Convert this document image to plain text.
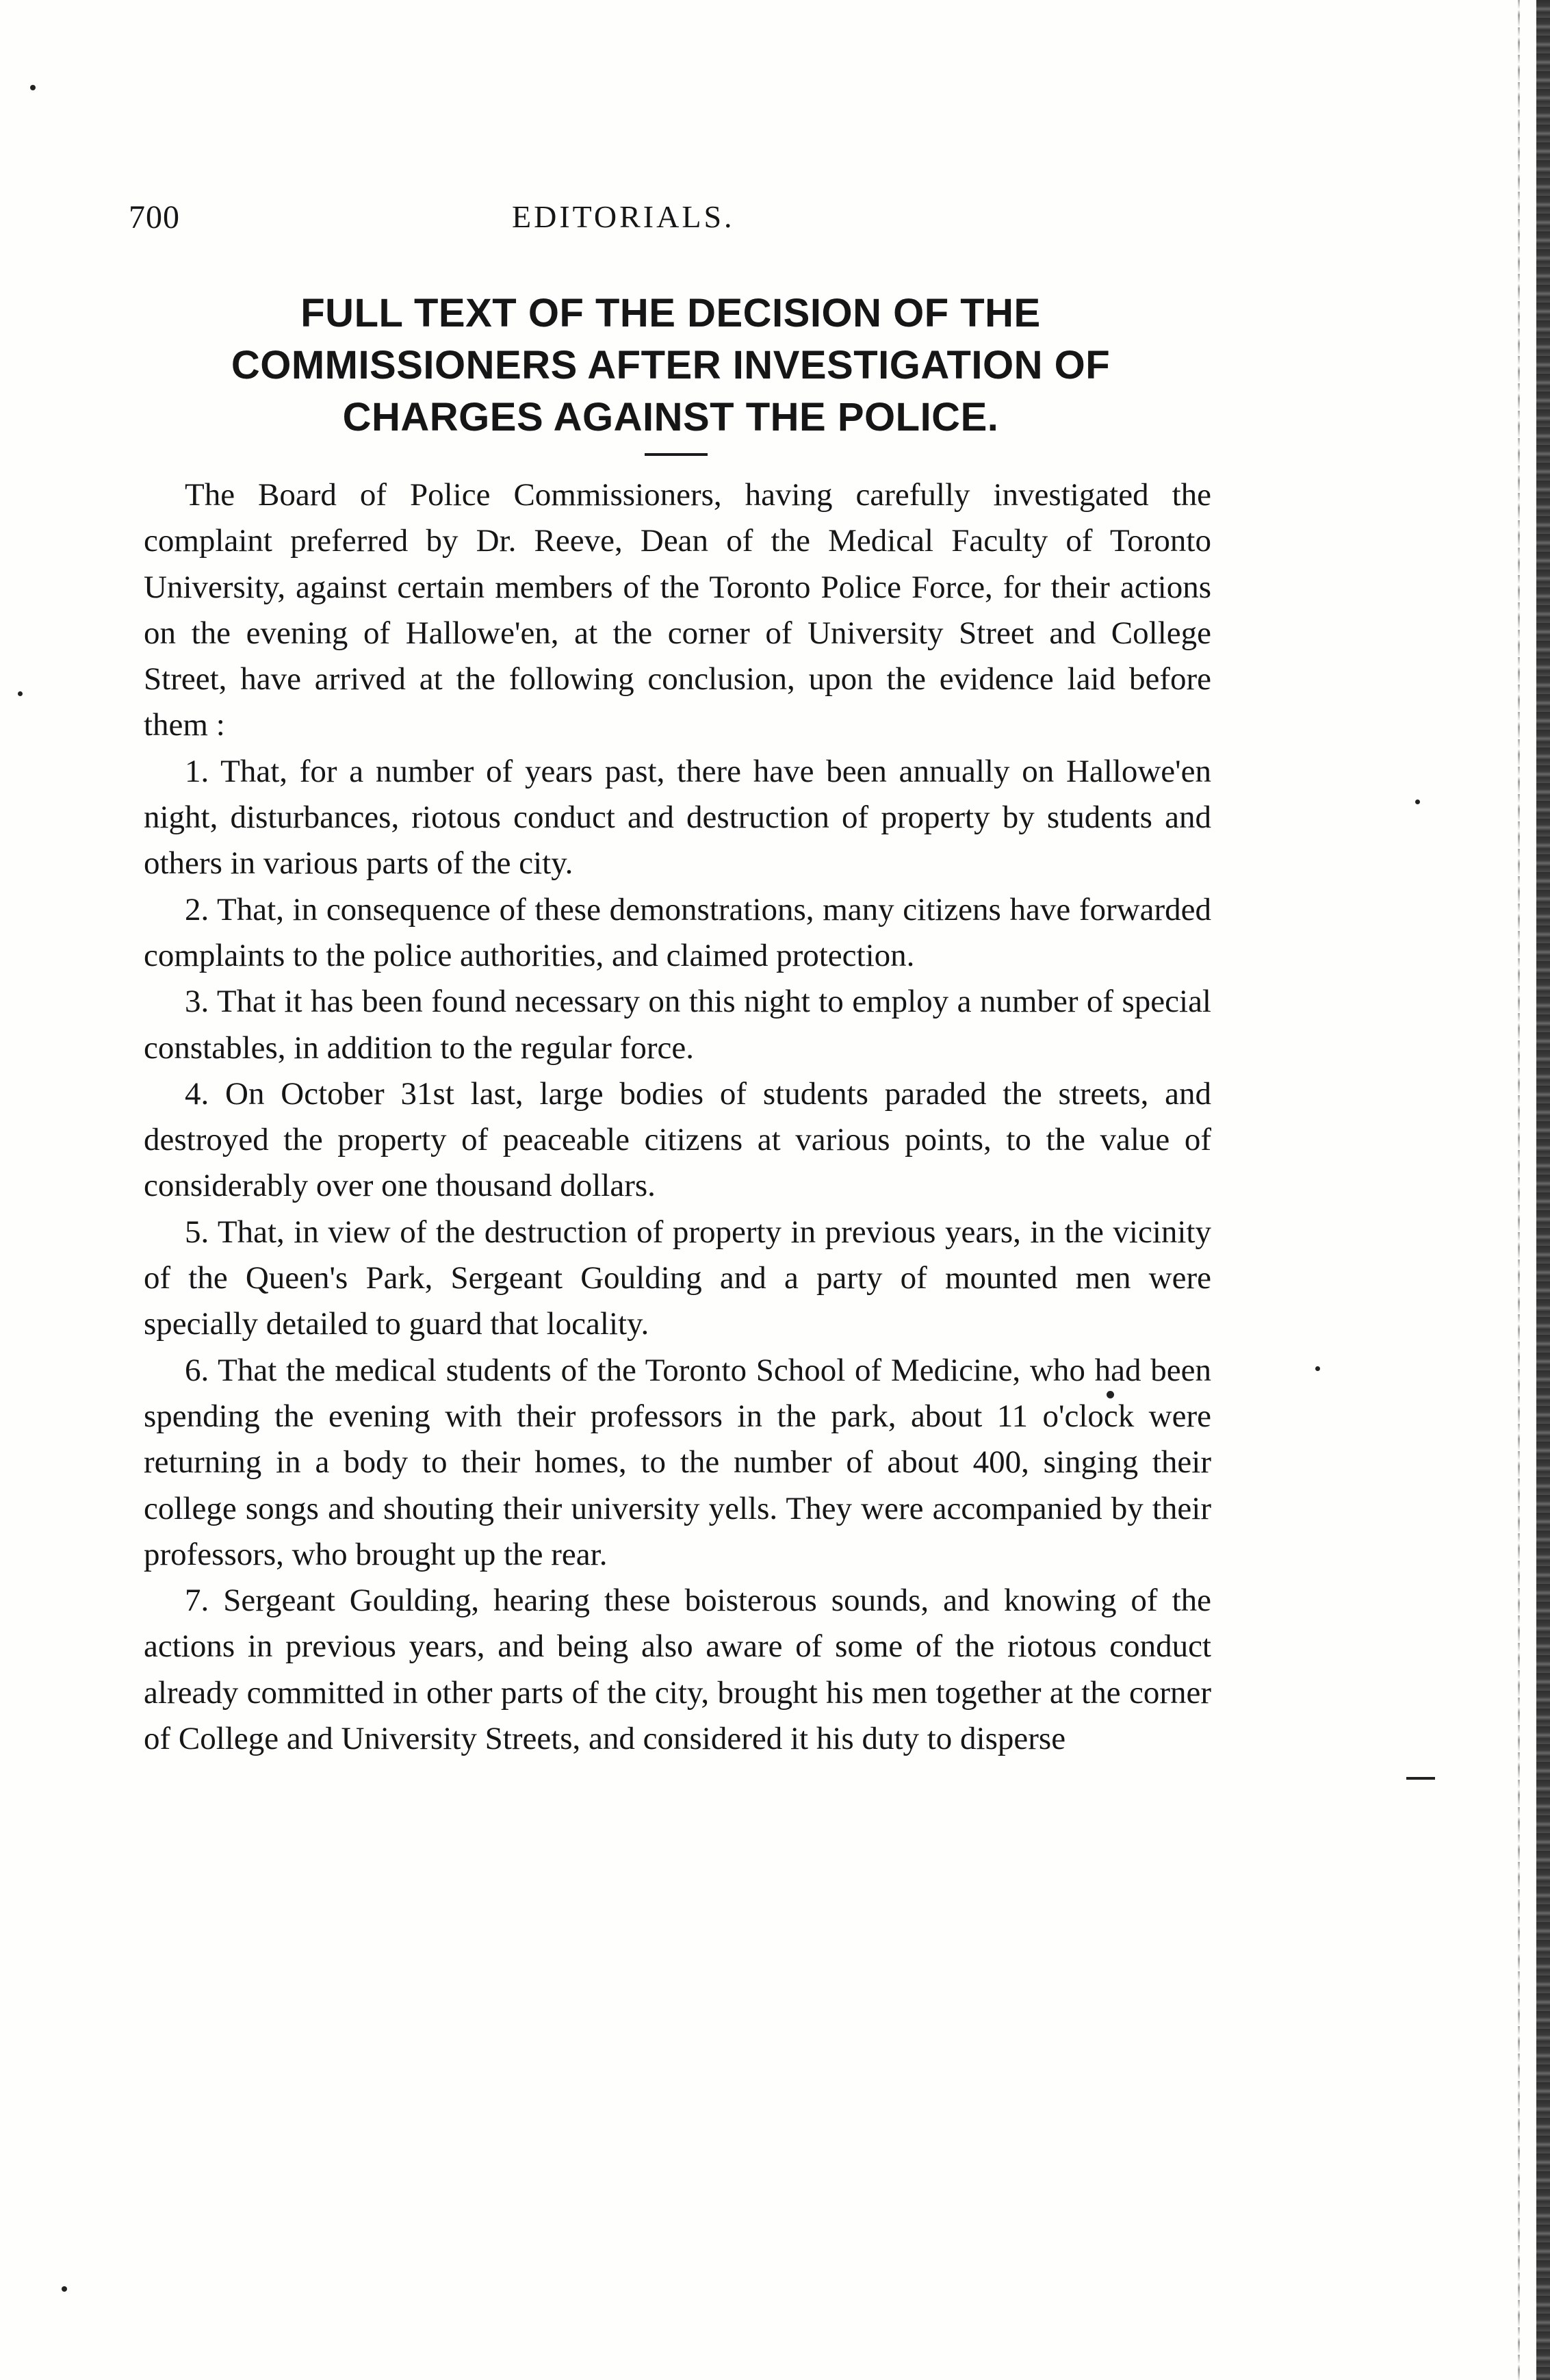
700	EDITORIALS.
FULL TEXT OF THE DECISION OF THE COMMISSIONERS AFTER INVESTIGATION OF CHARGES AGAINST THE POLICE.

The Board of Police Commissioners, having carefully investigated the complaint preferred by Dr. Reeve, Dean of the Medical Faculty of Toronto University, against certain members of the Toronto Police Force, for their actions on the evening of Hallowe'en, at the corner of University Street and College Street, have arrived at the following conclusion, upon the evidence laid before them :

1. That, for a number of years past, there have been annually on Hallowe'en night, disturbances, riotous conduct and destruction of property by students and others in various parts of the city.

2. That, in consequence of these demonstrations, many citizens have forwarded complaints to the police authorities, and claimed protection.

3. That it has been found necessary on this night to employ a number of special constables, in addition to the regular force.

4. On October 31st last, large bodies of students paraded the streets, and destroyed the property of peaceable citizens at various points, to the value of considerably over one thousand dollars.

5. That, in view of the destruction of property in previous years, in the vicinity of the Queen's Park, Sergeant Goulding and a party of mounted men were specially detailed to guard that locality.

6. That the medical students of the Toronto School of Medicine, who had been spending the evening with their professors in the park, about 11 o'clock were returning in a body to their homes, to the number of about 400, singing their college songs and shouting their university yells. They were accompanied by their professors, who brought up the rear.

7. Sergeant Goulding, hearing these boisterous sounds, and knowing of the actions in previous years, and being also aware of some of the riotous conduct already committed in other parts of the city, brought his men together at the corner of College and University Streets, and considered it his duty to disperse
